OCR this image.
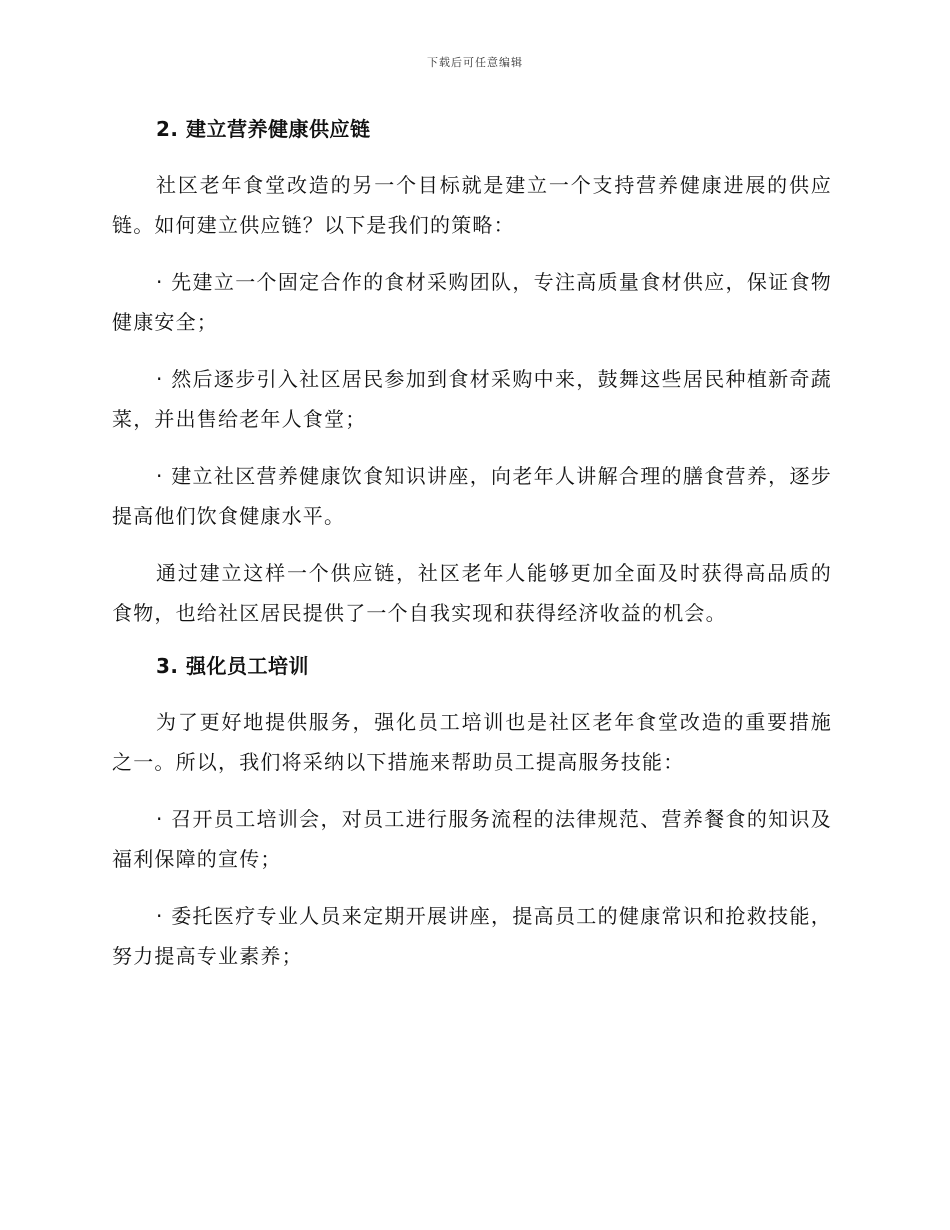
下载后可任意编辑
2. 建立营养健康供应链

社区老年食堂改造的另一个目标就是建立一个支持营养健康进展的供应链。如何建立供应链？以下是我们的策略：

· 先建立一个固定合作的食材采购团队，专注高质量食材供应，保证食物健康安全；

· 然后逐步引入社区居民参加到食材采购中来，鼓舞这些居民种植新奇蔬菜，并出售给老年人食堂；

· 建立社区营养健康饮食知识讲座，向老年人讲解合理的膳食营养，逐步提高他们饮食健康水平。

通过建立这样一个供应链，社区老年人能够更加全面及时获得高品质的食物，也给社区居民提供了一个自我实现和获得经济收益的机会。

3. 强化员工培训

为了更好地提供服务，强化员工培训也是社区老年食堂改造的重要措施之一。所以，我们将采纳以下措施来帮助员工提高服务技能：

· 召开员工培训会，对员工进行服务流程的法律规范、营养餐食的知识及福利保障的宣传；

· 委托医疗专业人员来定期开展讲座，提高员工的健康常识和抢救技能，努力提高专业素养；
